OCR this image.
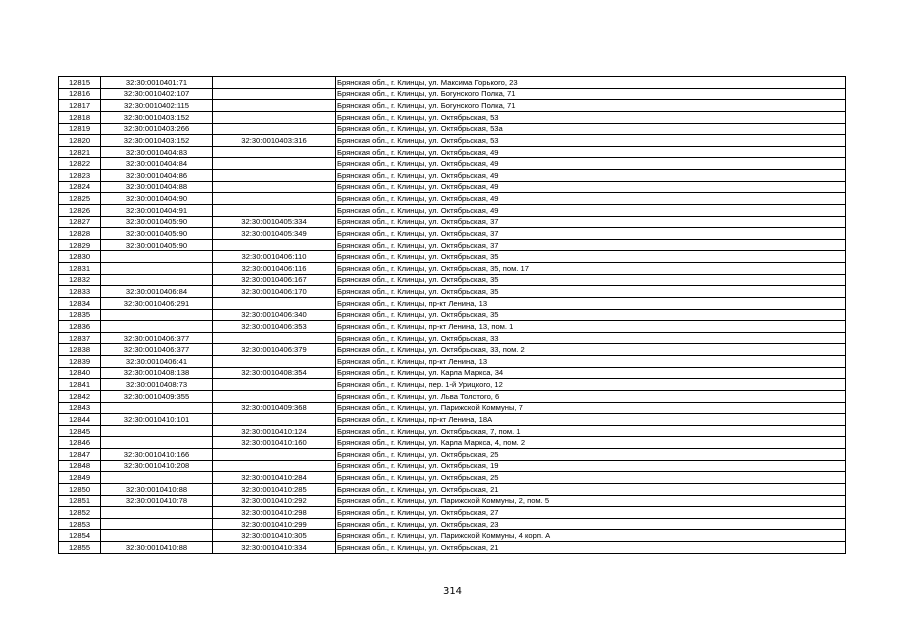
12815	32:30:0010401:71		Брянская обл., г. Клинцы, ул. Максима Горького, 23
12816	32:30:0010402:107		Брянская обл., г. Клинцы, ул. Богунского Полка, 71
12817	32:30:0010402:115		Брянская обл., г. Клинцы, ул. Богунского Полка, 71
12818	32:30:0010403:152		Брянская обл., г. Клинцы, ул. Октябрьская, 53
12819	32:30:0010403:266		Брянская обл., г. Клинцы, ул. Октябрьская, 53а
12820	32:30:0010403:152	32:30:0010403:316	Брянская обл., г. Клинцы, ул. Октябрьская, 53
12821	32:30:0010404:83		Брянская обл., г. Клинцы, ул. Октябрьская, 49
12822	32:30:0010404:84		Брянская обл., г. Клинцы, ул. Октябрьская, 49
12823	32:30:0010404:86		Брянская обл., г. Клинцы, ул. Октябрьская, 49
12824	32:30:0010404:88		Брянская обл., г. Клинцы, ул. Октябрьская, 49
12825	32:30:0010404:90		Брянская обл., г. Клинцы, ул. Октябрьская, 49
12826	32:30:0010404:91		Брянская обл., г. Клинцы, ул. Октябрьская, 49
12827	32:30:0010405:90	32:30:0010405:334	Брянская обл., г. Клинцы, ул. Октябрьская, 37
12828	32:30:0010405:90	32:30:0010405:349	Брянская обл., г. Клинцы, ул. Октябрьская, 37
12829	32:30:0010405:90		Брянская обл., г. Клинцы, ул. Октябрьская, 37
12830		32:30:0010406:110	Брянская обл., г. Клинцы, ул. Октябрьская, 35
12831		32:30:0010406:116	Брянская обл., г. Клинцы, ул. Октябрьская, 35, пом. 17
12832		32:30:0010406:167	Брянская обл., г. Клинцы, ул. Октябрьская, 35
12833	32:30:0010406:84	32:30:0010406:170	Брянская обл., г. Клинцы, ул. Октябрьская, 35
12834	32:30:0010406:291		Брянская обл., г. Клинцы, пр-кт Ленина, 13
12835		32:30:0010406:340	Брянская обл., г. Клинцы, ул. Октябрьская, 35
12836		32:30:0010406:353	Брянская обл., г. Клинцы, пр-кт Ленина, 13, пом. 1
12837	32:30:0010406:377		Брянская обл., г. Клинцы, ул. Октябрьская, 33
12838	32:30:0010406:377	32:30:0010406:379	Брянская обл., г. Клинцы, ул. Октябрьская, 33, пом. 2
12839	32:30:0010406:41		Брянская обл., г. Клинцы, пр-кт Ленина, 13
12840	32:30:0010408:138	32:30:0010408:354	Брянская обл., г. Клинцы, ул. Карла Маркса, 34
12841	32:30:0010408:73		Брянская обл., г. Клинцы, пер. 1-й Урицкого, 12
12842	32:30:0010409:355		Брянская обл., г. Клинцы, ул. Льва Толстого, 6
12843		32:30:0010409:368	Брянская обл., г. Клинцы, ул. Парижской Коммуны, 7
12844	32:30:0010410:101		Брянская обл., г. Клинцы, пр-кт Ленина, 18А
12845		32:30:0010410:124	Брянская обл., г. Клинцы, ул. Октябрьская, 7, пом. 1
12846		32:30:0010410:160	Брянская обл., г. Клинцы, ул. Карла Маркса, 4, пом. 2
12847	32:30:0010410:166		Брянская обл., г. Клинцы, ул. Октябрьская, 25
12848	32:30:0010410:208		Брянская обл., г. Клинцы, ул. Октябрьская, 19
12849		32:30:0010410:284	Брянская обл., г. Клинцы, ул. Октябрьская, 25
12850	32:30:0010410:88	32:30:0010410:285	Брянская обл., г. Клинцы, ул. Октябрьская, 21
12851	32:30:0010410:78	32:30:0010410:292	Брянская обл., г. Клинцы, ул. Парижской Коммуны, 2, пом. 5
12852		32:30:0010410:298	Брянская обл., г. Клинцы, ул. Октябрьская, 27
12853		32:30:0010410:299	Брянская обл., г. Клинцы, ул. Октябрьская, 23
12854		32:30:0010410:305	Брянская обл., г. Клинцы, ул. Парижской Коммуны, 4 корп. А
12855	32:30:0010410:88	32:30:0010410:334	Брянская обл., г. Клинцы, ул. Октябрьская, 21
314
